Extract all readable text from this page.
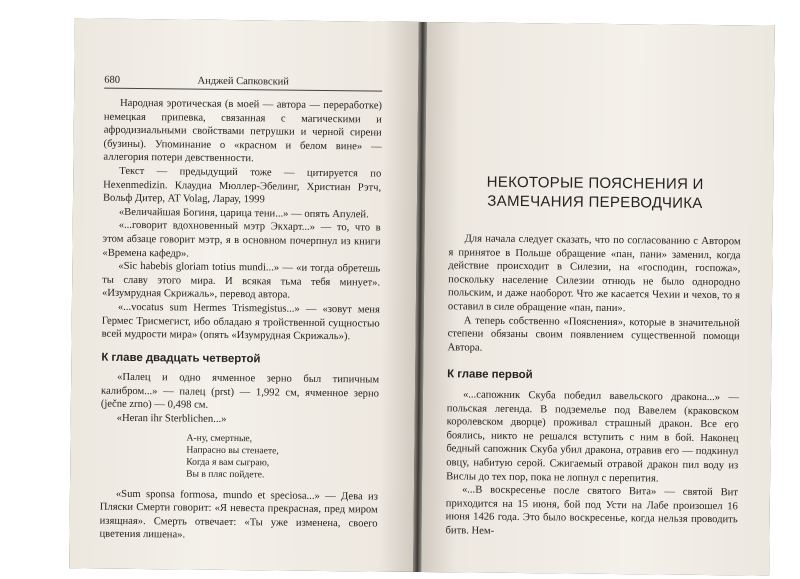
680	Анджей Сапковский

Народная эротическая (в моей — автора — переработке) немецкая припевка, связанная с магическими и афродизиальными свойствами петрушки и черной сирени (бузины). Упоминание о «красном и белом вине» — аллегория потери девственности.

Текст — предыдущий тоже — цитируется по Hexenmedizin. Клаудиа Мюллер-Эбелинг, Христиан Рэтч, Вольф Дитер, AT Volag, Ларау, 1999

«Величайшая Богиня, царица тени...» — опять Апулей.

«...говорит вдохновенный мэтр Экхарт...» — то, что в этом абзаце говорит мэтр, я в основном почерпнул из книги «Времена кафедр».

«Sic habebis gloriam totius mundi...» — «и тогда обретешь ты славу этого мира. И всякая тьма тебя минует». «Изумрудная Скрижаль», перевод автора.

«...vocatus sum Hermes Trismegistus...» — «зовут меня Гермес Трисмегист, ибо обладаю я тройственной сущностью всей мудрости мира» (опять «Изумрудная Скрижаль»).

К главе двадцать четвертой

«Палец и одно ячменное зерно был типичным калибром...» — палец (prst) — 1,992 см, ячменное зерно (ječne zrno) — 0,498 см.

«Heran ihr Sterblichen...»

А-ну, смертные,
Напрасно вы стенаете,
Когда я вам сыграю,
Вы в пляс пойдете.

«Sum sponsa formosa, mundo et speciosa...» — Дева из Пляски Смерти говорит: «Я невеста прекрасная, пред миром изящная». Смерть отвечает: «Ты уже изменена, своего цветения лишена».

НЕКОТОРЫЕ ПОЯСНЕНИЯ И
ЗАМЕЧАНИЯ ПЕРЕВОДЧИКА

Для начала следует сказать, что по согласованию с Автором я принятое в Польше обращение «пан, пани» заменил, когда действие происходит в Силезии, на «господин, госпожа», поскольку население Силезии отнюдь не было однородно польским, и даже наоборот. Что же касается Чехии и чехов, то я оставил в силе обращение «пан, пани».

А теперь собственно «Пояснения», которые в значительной степени обязаны своим появлением существенной помощи Автора.

К главе первой

«...сапожник Скуба победил вавельского дракона...» — польская легенда. В подземелье под Вавелем (краковском королевском дворце) проживал страшный дракон. Все его боялись, никто не решался вступить с ним в бой. Наконец бедный сапожник Скуба убил дракона, отравив его — подкинул овцу, набитую серой. Сжигаемый отравой дракон пил воду из Вислы до тех пор, пока не лопнул с перепития.

«...В воскресенье после святого Вита» — святой Вит приходится на 15 июня, бой под Усти на Лабе произошел 16 июня 1426 года. Это было воскресенье, когда нельзя проводить битв. Нем-
